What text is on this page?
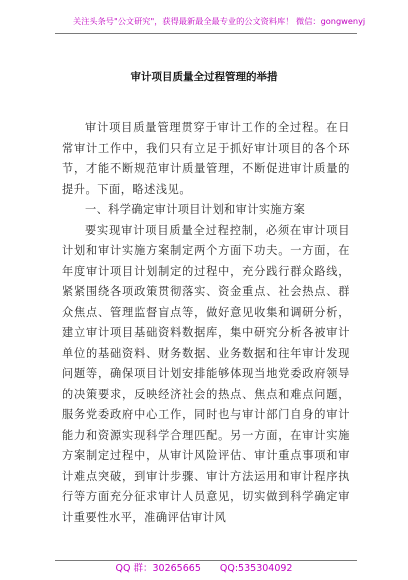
关注头条号"公文研究"，获得最新最全最专业的公文资料库！ 微信：gongwenyj
审计项目质量全过程管理的举措

审计项目质量管理贯穿于审计工作的全过程。在日常审计工作中，我们只有立足于抓好审计项目的各个环节，才能不断规范审计质量管理，不断促进审计质量的提升。下面，略述浅见。

一、科学确定审计项目计划和审计实施方案

要实现审计项目质量全过程控制，必须在审计项目计划和审计实施方案制定两个方面下功夫。一方面，在年度审计项目计划制定的过程中，充分践行群众路线，紧紧围绕各项政策贯彻落实、资金重点、社会热点、群众焦点、管理监督盲点等，做好意见收集和调研分析，建立审计项目基础资料数据库，集中研究分析各被审计单位的基础资料、财务数据、业务数据和往年审计发现问题等，确保项目计划安排能够体现当地党委政府领导的决策要求，反映经济社会的热点、焦点和难点问题，服务党委政府中心工作，同时也与审计部门自身的审计能力和资源实现科学合理匹配。另一方面，在审计实施方案制定过程中，从审计风险评估、审计重点事项和审计难点突破，到审计步骤、审计方法运用和审计程序执行等方面充分征求审计人员意见，切实做到科学确定审计重要性水平，准确评估审计风

QQ 群：30265665 QQ:535304092
